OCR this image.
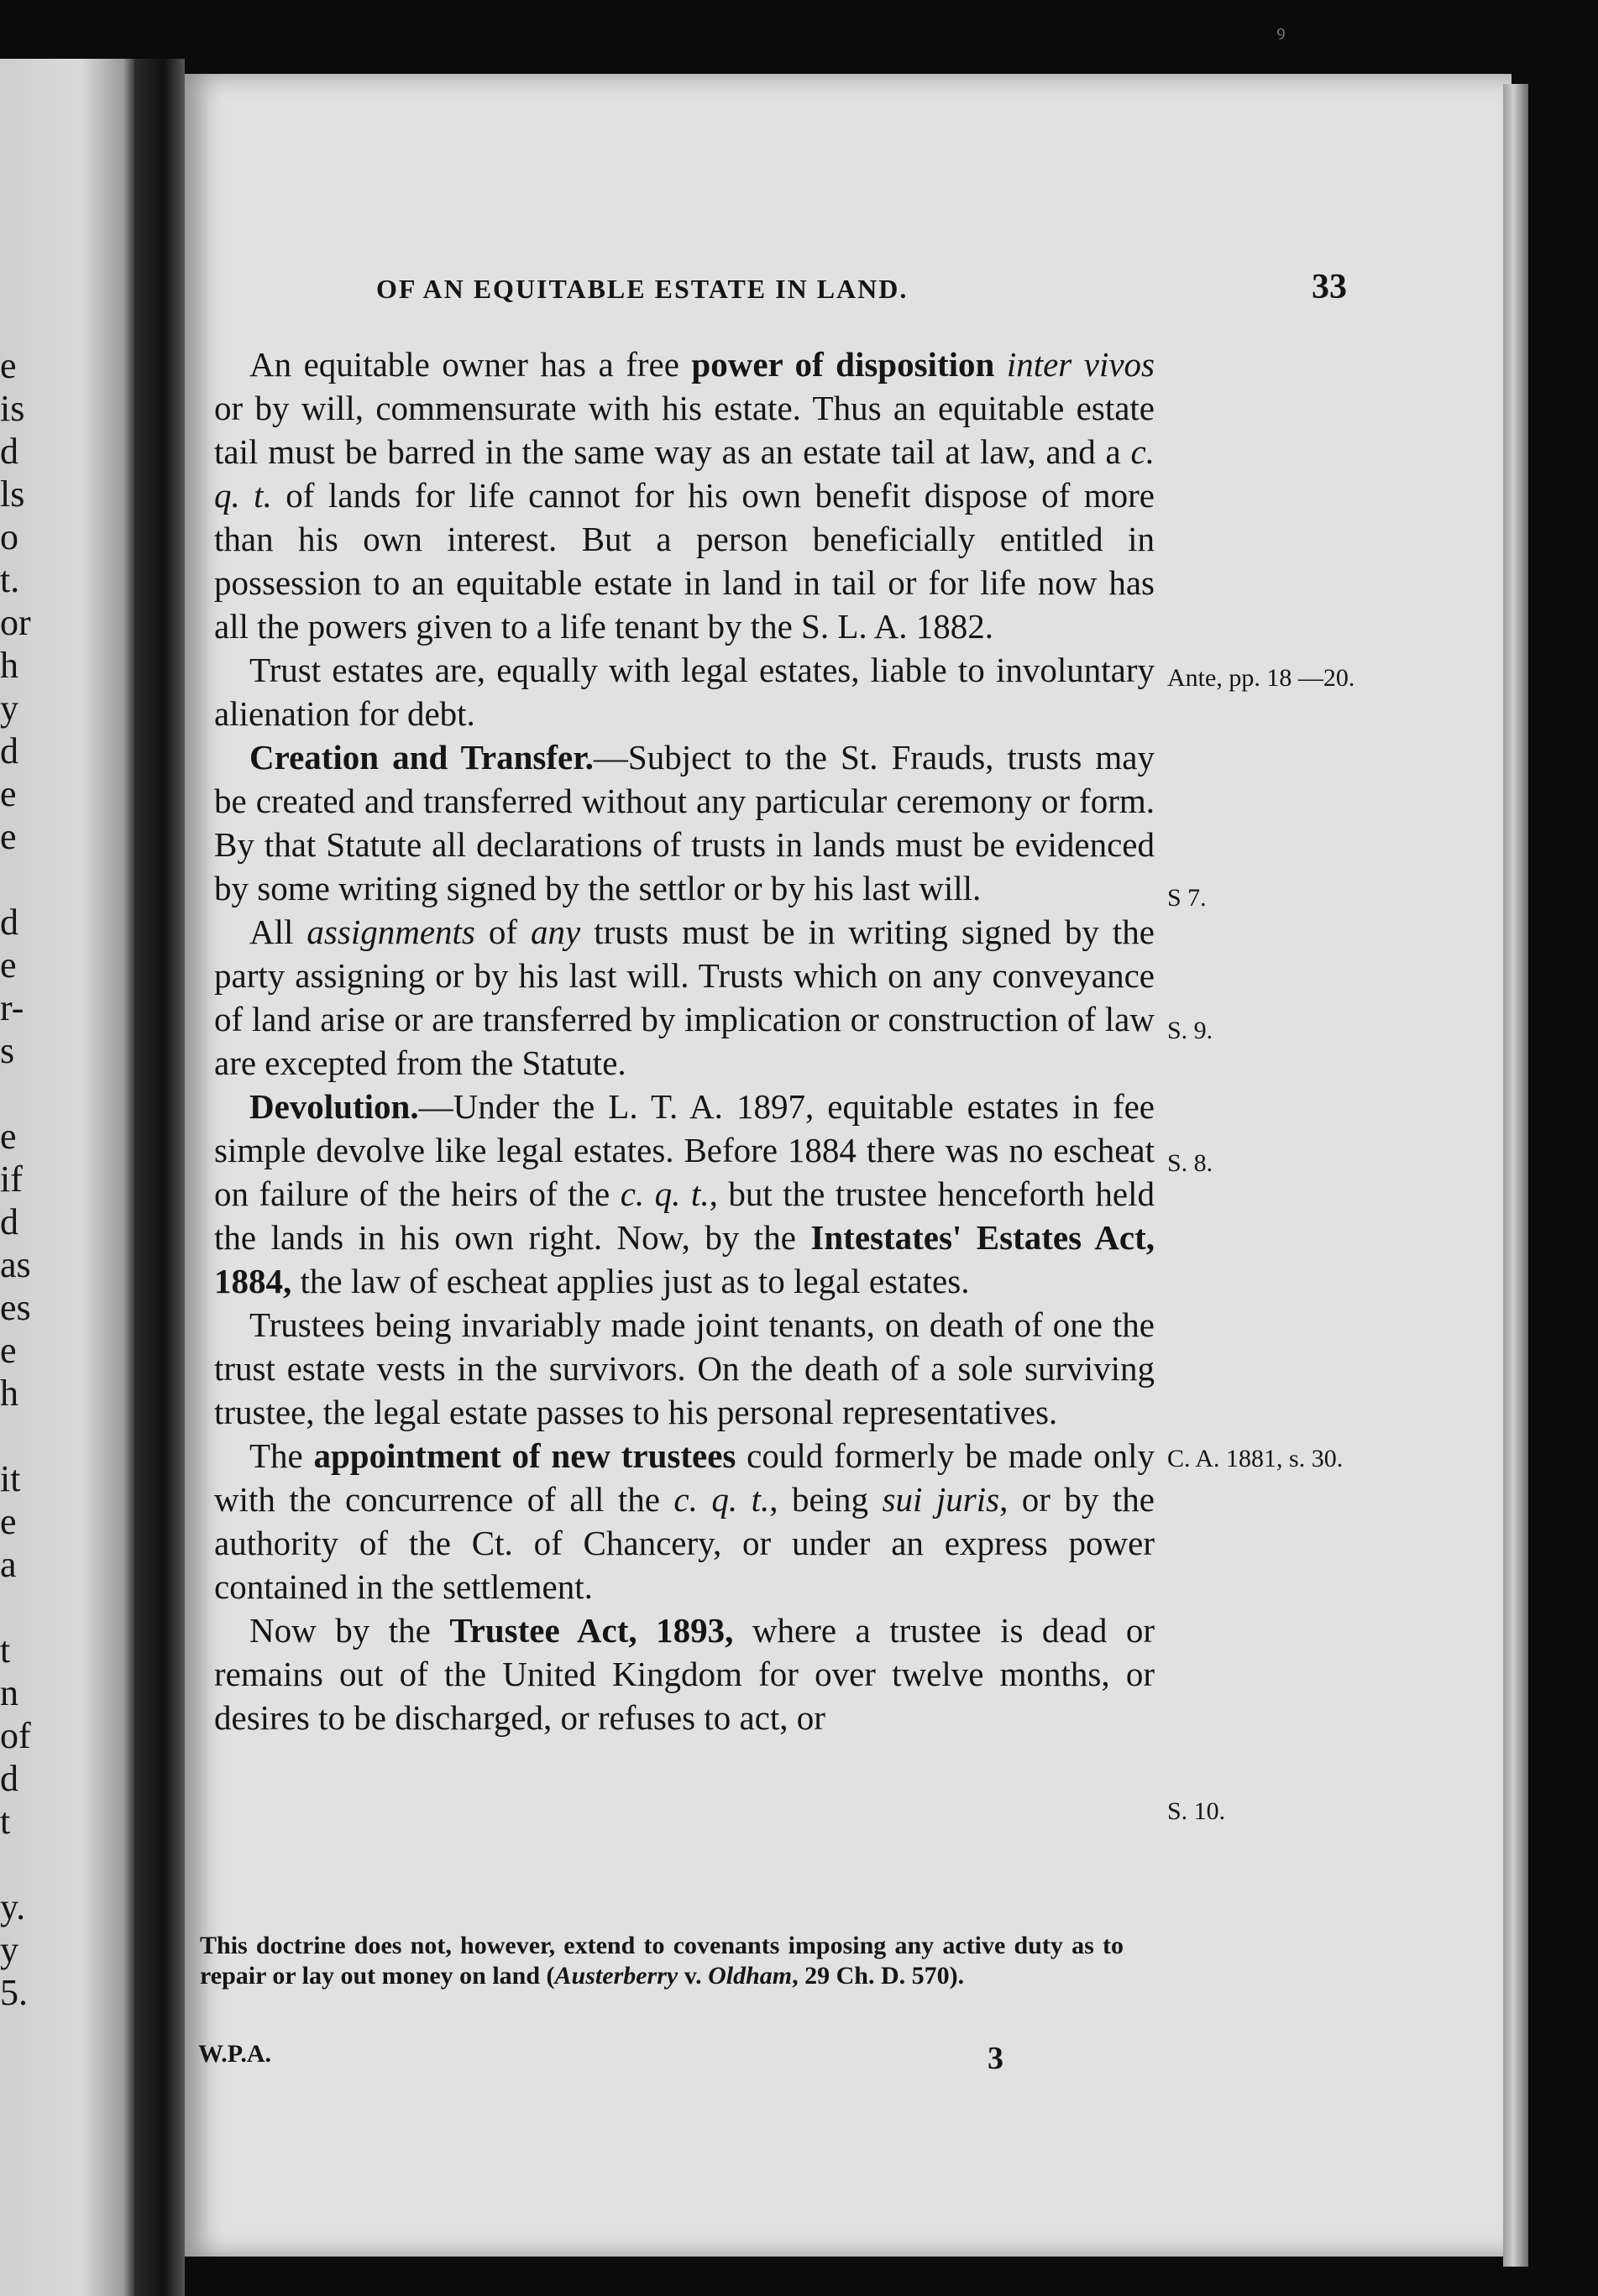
e
is
d
ls
o
t.
or
h
y
d
e
e
d
e
r-
s
e
if
d
as
es
e
h
it
e
a
t
n
of
d
t
y.
y
5.
ꝰ
OF AN EQUITABLE ESTATE IN LAND.	33

An equitable owner has a free power of disposition inter vivos or by will, commensurate with his estate. Thus an equitable estate tail must be barred in the same way as an estate tail at law, and a c. q. t. of lands for life cannot for his own benefit dispose of more than his own interest. But a person beneficially entitled in possession to an equitable estate in land in tail or for life now has all the powers given to a life tenant by the S. L. A. 1882.

Trust estates are, equally with legal estates, liable to involuntary alienation for debt.

Creation and Transfer.—Subject to the St. Frauds, trusts may be created and transferred without any particular ceremony or form. By that Statute all declarations of trusts in lands must be evidenced by some writing signed by the settlor or by his last will.

All assignments of any trusts must be in writing signed by the party assigning or by his last will. Trusts which on any conveyance of land arise or are transferred by implication or construction of law are excepted from the Statute.

Devolution.—Under the L. T. A. 1897, equitable estates in fee simple devolve like legal estates. Before 1884 there was no escheat on failure of the heirs of the c. q. t., but the trustee henceforth held the lands in his own right. Now, by the Intestates' Estates Act, 1884, the law of escheat applies just as to legal estates.

Trustees being invariably made joint tenants, on death of one the trust estate vests in the survivors. On the death of a sole surviving trustee, the legal estate passes to his personal representatives.

The appointment of new trustees could formerly be made only with the concurrence of all the c. q. t., being sui juris, or by the authority of the Ct. of Chancery, or under an express power contained in the settlement.

Now by the Trustee Act, 1893, where a trustee is dead or remains out of the United Kingdom for over twelve months, or desires to be discharged, or refuses to act, or

Ante, pp. 18 —20.
S 7.
S. 9.
S. 8.
C. A. 1881, s. 30.
S. 10.
This doctrine does not, however, extend to covenants imposing any active duty as to repair or lay out money on land (Austerberry v. Oldham, 29 Ch. D. 570).
W.P.A.	3
